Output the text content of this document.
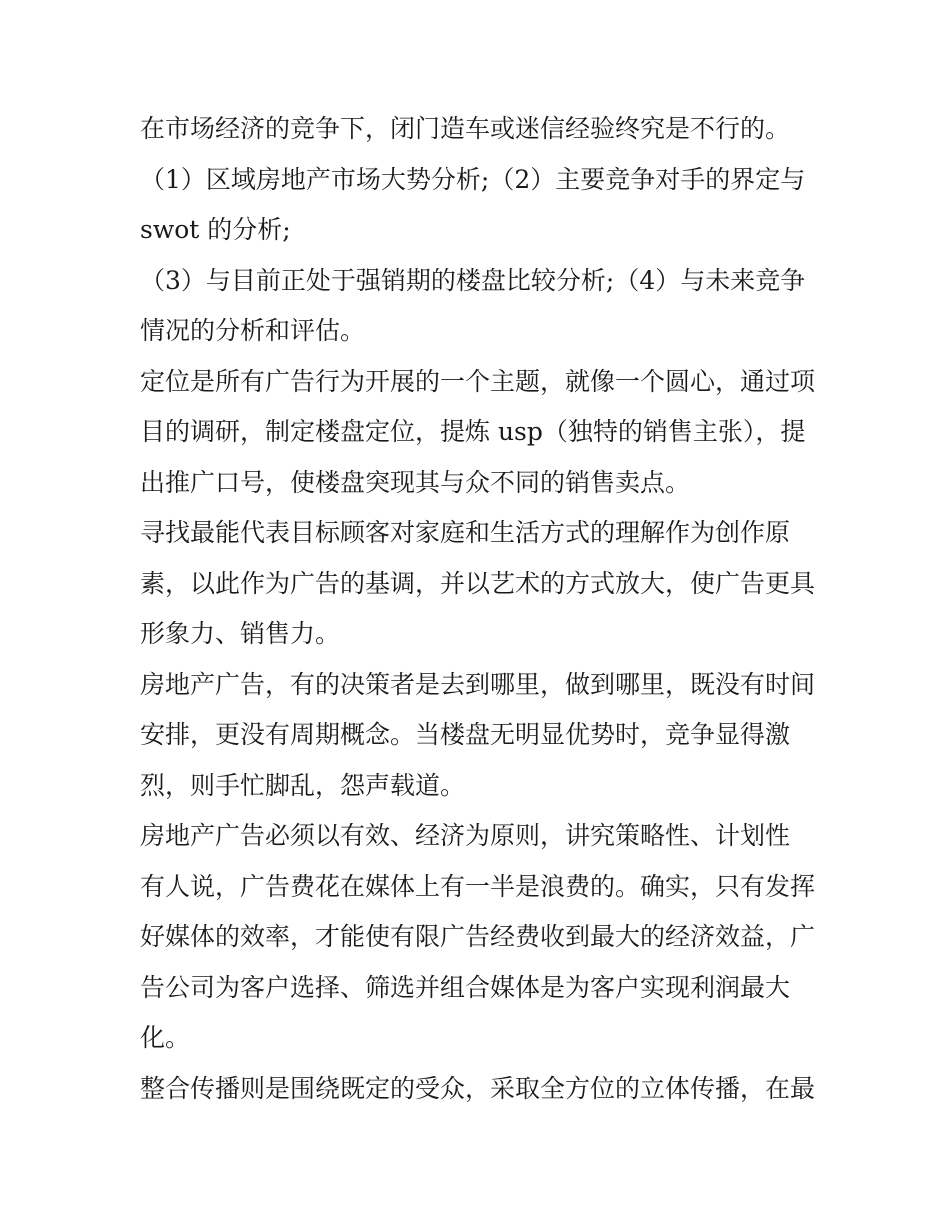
在市场经济的竞争下，闭门造车或迷信经验终究是不行的。
（1）区域房地产市场大势分析;（2）主要竞争对手的界定与
swot 的分析;
（3）与目前正处于强销期的楼盘比较分析;（4）与未来竞争
情况的分析和评估。
定位是所有广告行为开展的一个主题，就像一个圆心，通过项
目的调研，制定楼盘定位，提炼 usp（独特的销售主张），提
出推广口号，使楼盘突现其与众不同的销售卖点。
寻找最能代表目标顾客对家庭和生活方式的理解作为创作原
素，以此作为广告的基调，并以艺术的方式放大，使广告更具
形象力、销售力。
房地产广告，有的决策者是去到哪里，做到哪里，既没有时间
安排，更没有周期概念。当楼盘无明显优势时，竞争显得激
烈，则手忙脚乱，怨声载道。
房地产广告必须以有效、经济为原则，讲究策略性、计划性
有人说，广告费花在媒体上有一半是浪费的。确实，只有发挥
好媒体的效率，才能使有限广告经费收到最大的经济效益，广
告公司为客户选择、筛选并组合媒体是为客户实现利润最大
化。
整合传播则是围绕既定的受众，采取全方位的立体传播，在最
